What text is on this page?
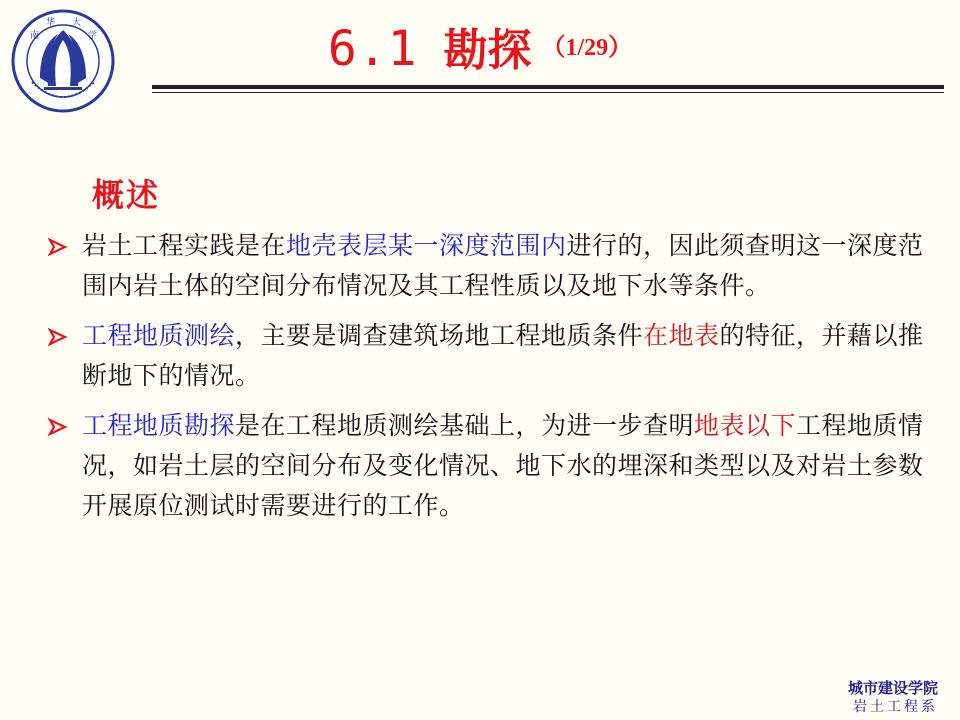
南
华 大
学	6.1 勘探 （1/29）
概述
岩土工程实践是在地壳表层某一深度范围内进行的，因此须查明这一深度范围内岩土体的空间分布情况及其工程性质以及地下水等条件。
工程地质测绘，主要是调查建筑场地工程地质条件在地表的特征，并藉以推断地下的情况。
工程地质勘探是在工程地质测绘基础上，为进一步查明地表以下工程地质情况，如岩土层的空间分布及变化情况、地下水的埋深和类型以及对岩土参数开展原位测试时需要进行的工作。
城市建设学院
岩土工程系
